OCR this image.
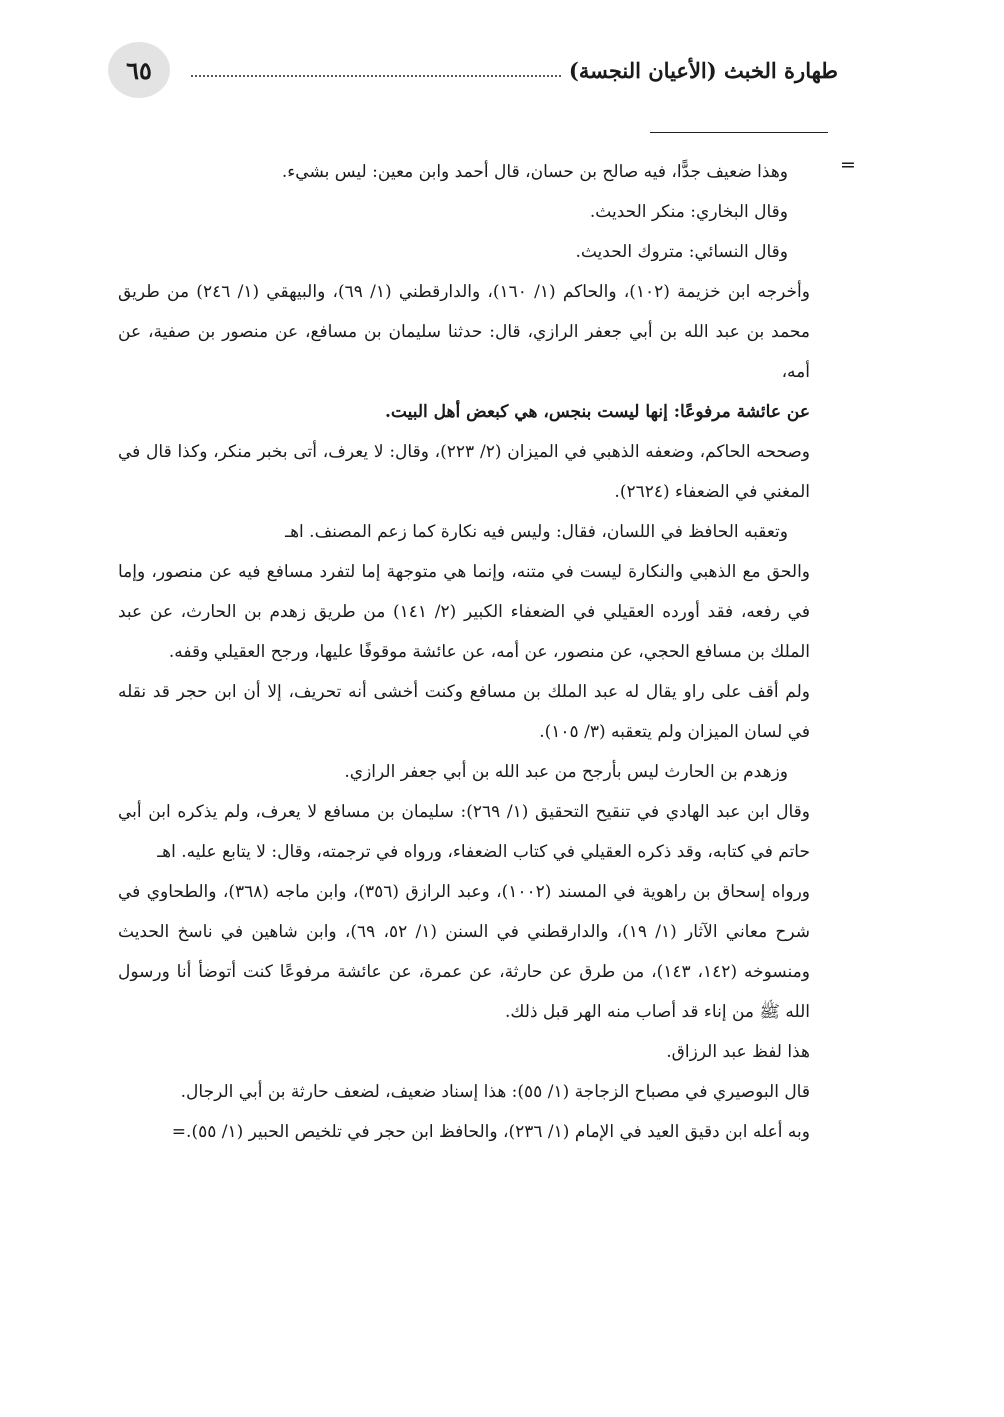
٦٥	طهارة الخبث (الأعيان النجسة)
=

وهذا ضعيف جدًّا، فيه صالح بن حسان، قال أحمد وابن معين: ليس بشيء.

وقال البخاري: منكر الحديث.

وقال النسائي: متروك الحديث.

وأخرجه ابن خزيمة (١٠٢)، والحاكم (١/ ١٦٠)، والدارقطني (١/ ٦٩)، والبيهقي (١/ ٢٤٦) من طريق محمد بن عبد الله بن أبي جعفر الرازي، قال: حدثنا سليمان بن مسافع، عن منصور بن صفية، عن أمه،

عن عائشة مرفوعًا: إنها ليست بنجس، هي كبعض أهل البيت.

وصححه الحاكم، وضعفه الذهبي في الميزان (٢/ ٢٢٣)، وقال: لا يعرف، أتى بخبر منكر، وكذا قال في المغني في الضعفاء (٢٦٢٤).

وتعقبه الحافظ في اللسان، فقال: وليس فيه نكارة كما زعم المصنف. اهـ

والحق مع الذهبي والنكارة ليست في متنه، وإنما هي متوجهة إما لتفرد مسافع فيه عن منصور، وإما في رفعه، فقد أورده العقيلي في الضعفاء الكبير (٢/ ١٤١) من طريق زهدم بن الحارث، عن عبد الملك بن مسافع الحجي، عن منصور، عن أمه، عن عائشة موقوفًا عليها، ورجح العقيلي وقفه.

ولم أقف على راو يقال له عبد الملك بن مسافع وكنت أخشى أنه تحريف، إلا أن ابن حجر قد نقله في لسان الميزان ولم يتعقبه (٣/ ١٠٥).

وزهدم بن الحارث ليس بأرجح من عبد الله بن أبي جعفر الرازي.

وقال ابن عبد الهادي في تنقيح التحقيق (١/ ٢٦٩): سليمان بن مسافع لا يعرف، ولم يذكره ابن أبي حاتم في كتابه، وقد ذكره العقيلي في كتاب الضعفاء، ورواه في ترجمته، وقال: لا يتابع عليه. اهـ

ورواه إسحاق بن راهوية في المسند (١٠٠٢)، وعبد الرازق (٣٥٦)، وابن ماجه (٣٦٨)، والطحاوي في شرح معاني الآثار (١/ ١٩)، والدارقطني في السنن (١/ ٥٢، ٦٩)، وابن شاهين في ناسخ الحديث ومنسوخه (١٤٢، ١٤٣)، من طرق عن حارثة، عن عمرة، عن عائشة مرفوعًا كنت أتوضأ أنا ورسول الله ﷺ من إناء قد أصاب منه الهر قبل ذلك.

هذا لفظ عبد الرزاق.

قال البوصيري في مصباح الزجاجة (١/ ٥٥): هذا إسناد ضعيف، لضعف حارثة بن أبي الرجال.

وبه أعله ابن دقيق العيد في الإمام (١/ ٢٣٦)، والحافظ ابن حجر في تلخيص الحبير (١/ ٥٥).=
